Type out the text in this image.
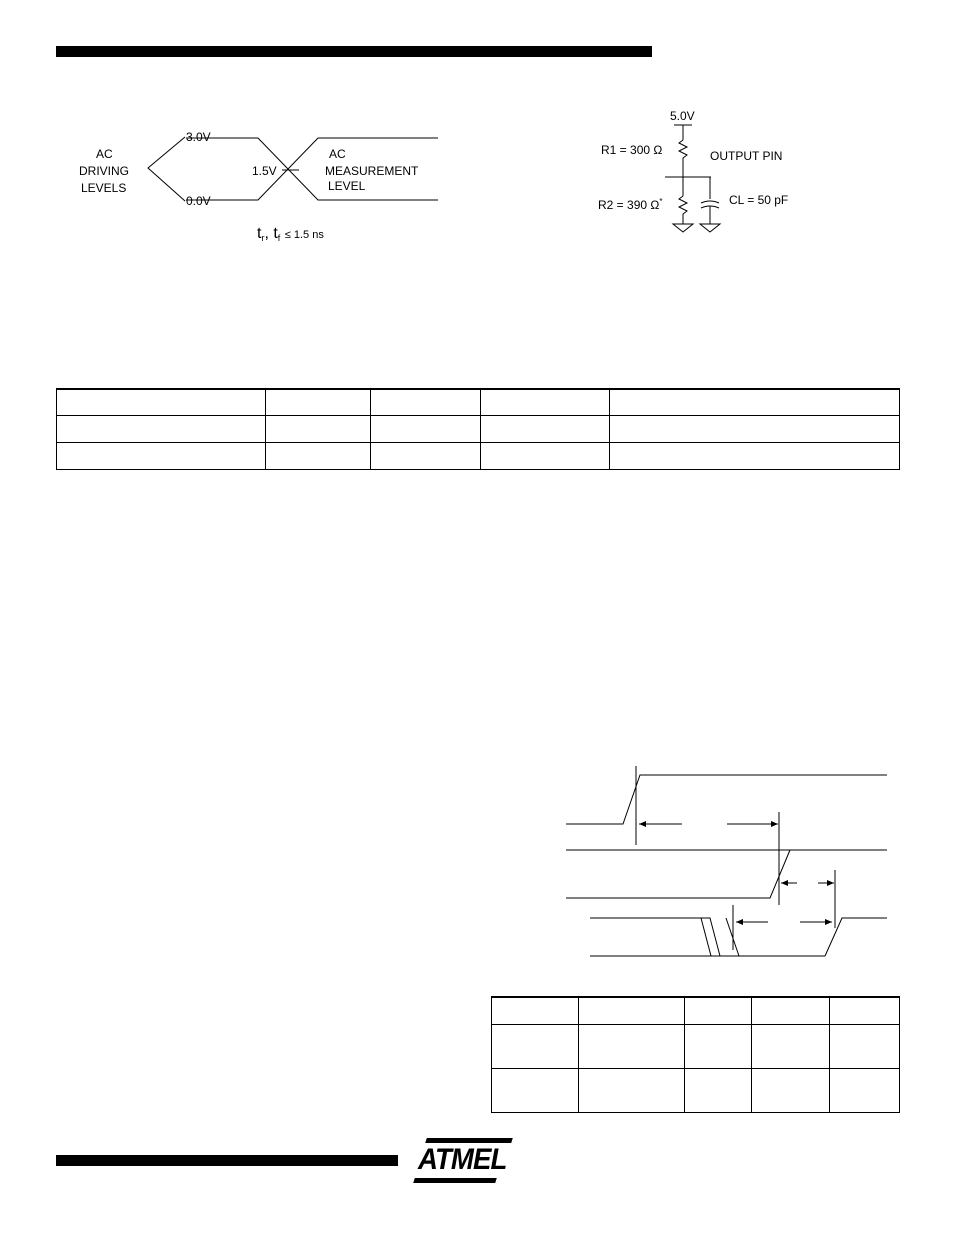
AC
DRIVING
LEVELS
3.0V
0.0V
1.5V
AC
MEASUREMENT
LEVEL
$t_r$, $t_f \le 1.5$ ns
5.0V
R1 = 300 Ω	OUTPUT PIN
R2 = 390 Ω*	CL = 50 pF

ATMEL
